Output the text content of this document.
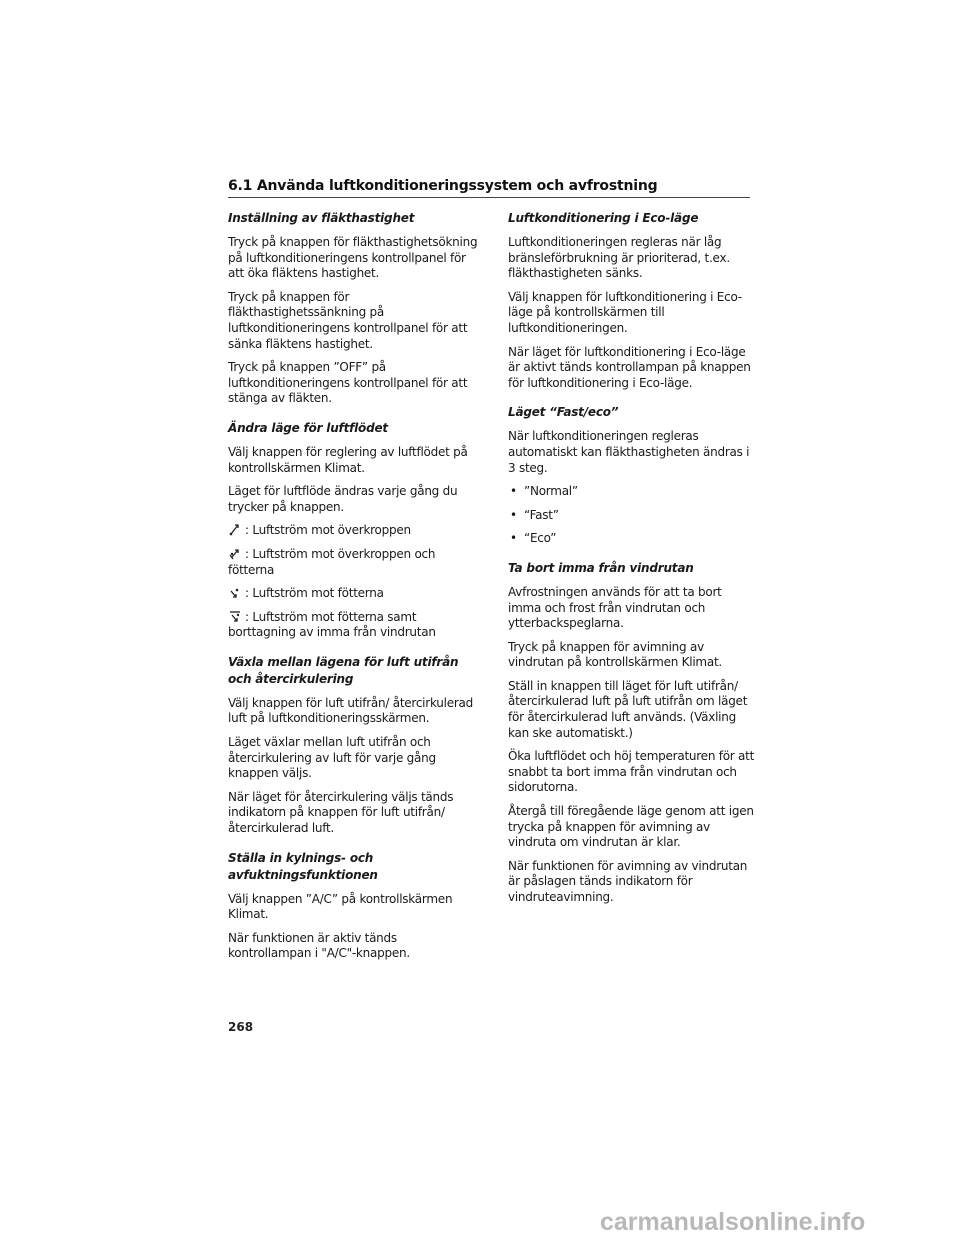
6.1 Använda luftkonditioneringssystem och avfrostning
Inställning av fläkthastighet

Tryck på knappen för fläkthastighetsökning på luftkonditioneringens kontrollpanel för att öka fläktens hastighet.

Tryck på knappen för fläkthastighetssänkning på luftkonditioneringens kontrollpanel för att sänka fläktens hastighet.

Tryck på knappen ”OFF” på luftkonditioneringens kontrollpanel för att stänga av fläkten.

Ändra läge för luftflödet

Välj knappen för reglering av luftflödet på kontrollskärmen Klimat.

Läget för luftflöde ändras varje gång du trycker på knappen.

: Luftström mot överkroppen
: Luftström mot överkroppen och fötterna
: Luftström mot fötterna
: Luftström mot fötterna samt borttagning av imma från vindrutan
Växla mellan lägena för luft utifrån och återcirkulering

Välj knappen för luft utifrån/ återcirkulerad luft på luftkonditioneringsskärmen.

Läget växlar mellan luft utifrån och återcirkulering av luft för varje gång knappen väljs.

När läget för återcirkulering väljs tänds indikatorn på knappen för luft utifrån/återcirkulerad luft.

Ställa in kylnings- och avfuktningsfunktionen

Välj knappen ”A/C” på kontrollskärmen Klimat.

När funktionen är aktiv tänds kontrollampan i "A/C"-knappen.

Luftkonditionering i Eco-läge

Luftkonditioneringen regleras när låg bränsleförbrukning är prioriterad, t.ex. fläkthastigheten sänks.

Välj knappen för luftkonditionering i Eco-läge på kontrollskärmen till luftkonditioneringen.

När läget för luftkonditionering i Eco-läge är aktivt tänds kontrollampan på knappen för luftkonditionering i Eco-läge.

Läget “Fast/eco”

När luftkonditioneringen regleras automatiskt kan fläkthastigheten ändras i 3 steg.

• ”Normal”
• “Fast”
• “Eco”
Ta bort imma från vindrutan

Avfrostningen används för att ta bort imma och frost från vindrutan och ytterbackspeglarna.

Tryck på knappen för avimning av vindrutan på kontrollskärmen Klimat.

Ställ in knappen till läget för luft utifrån/återcirkulerad luft på luft utifrån om läget för återcirkulerad luft används. (Växling kan ske automatiskt.)

Öka luftflödet och höj temperaturen för att snabbt ta bort imma från vindrutan och sidorutorna.

Återgå till föregående läge genom att igen trycka på knappen för avimning av vindruta om vindrutan är klar.

När funktionen för avimning av vindrutan är påslagen tänds indikatorn för vindruteavimning.

268
carmanualsonline.info
